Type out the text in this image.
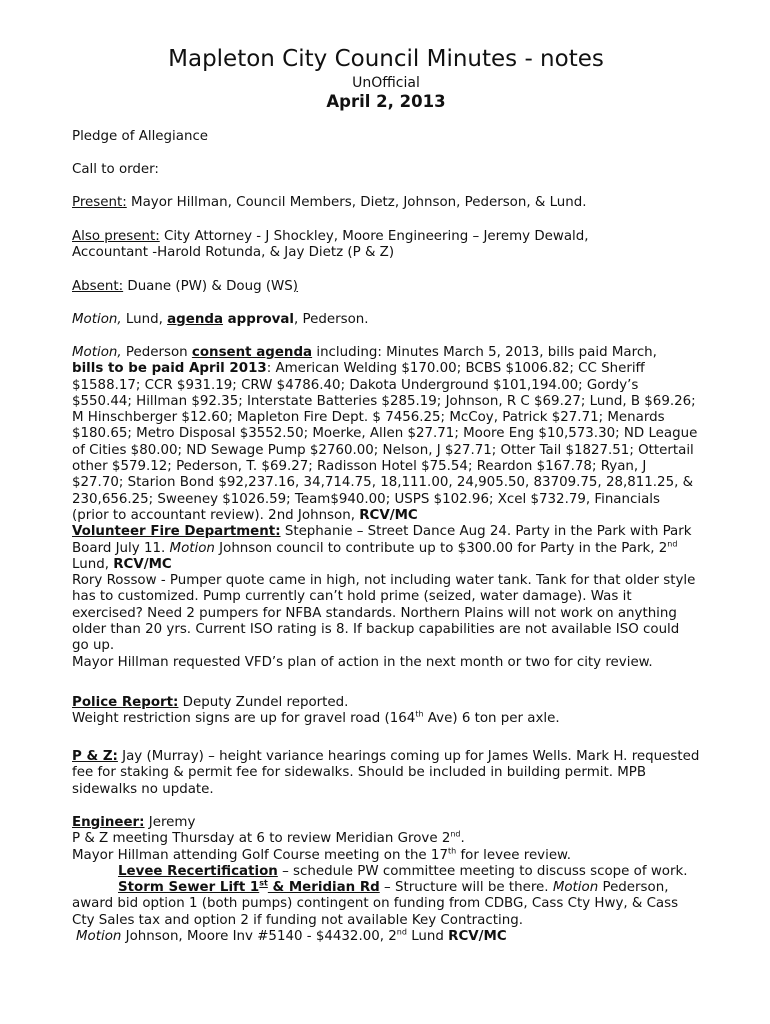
Mapleton City Council Minutes - notes
UnOfficial
April 2, 2013

Pledge of Allegiance

Call to order:

Present: Mayor Hillman, Council Members, Dietz, Johnson, Pederson, & Lund.

Also present: City Attorney - J Shockley, Moore Engineering – Jeremy Dewald,
Accountant -Harold Rotunda, & Jay Dietz (P & Z)

Absent: Duane (PW) & Doug (WS)

Motion, Lund, agenda approval, Pederson.

Motion, Pederson consent agenda including: Minutes March 5, 2013, bills paid March,
bills to be paid April 2013: American Welding $170.00; BCBS $1006.82; CC Sheriff $1588.17; CCR $931.19; CRW $4786.40; Dakota Underground $101,194.00; Gordy’s $550.44; Hillman $92.35; Interstate Batteries $285.19; Johnson, R C $69.27; Lund, B $69.26; M Hinschberger $12.60; Mapleton Fire Dept. $ 7456.25; McCoy, Patrick $27.71; Menards $180.65; Metro Disposal $3552.50; Moerke, Allen $27.71; Moore Eng $10,573.30; ND League of Cities $80.00; ND Sewage Pump $2760.00; Nelson, J $27.71; Otter Tail $1827.51; Ottertail other $579.12; Pederson, T. $69.27; Radisson Hotel $75.54; Reardon $167.78; Ryan, J $27.70; Starion Bond $92,237.16, 34,714.75, 18,111.00, 24,905.50, 83709.75, 28,811.25, & 230,656.25; Sweeney $1026.59; Team$940.00; USPS $102.96; Xcel $732.79, Financials (prior to accountant review). 2nd Johnson, RCV/MC
Volunteer Fire Department: Stephanie – Street Dance Aug 24. Party in the Park with Park Board July 11. Motion Johnson council to contribute up to $300.00 for Party in the Park, 2nd Lund, RCV/MC
Rory Rossow - Pumper quote came in high, not including water tank. Tank for that older style has to customized. Pump currently can’t hold prime (seized, water damage). Was it exercised? Need 2 pumpers for NFBA standards. Northern Plains will not work on anything older than 20 yrs. Current ISO rating is 8. If backup capabilities are not available ISO could go up.
Mayor Hillman requested VFD’s plan of action in the next month or two for city review.

Police Report: Deputy Zundel reported.
Weight restriction signs are up for gravel road (164th Ave) 6 ton per axle.

P & Z: Jay (Murray) – height variance hearings coming up for James Wells. Mark H. requested fee for staking & permit fee for sidewalks. Should be included in building permit. MPB sidewalks no update.

Engineer: Jeremy
P & Z meeting Thursday at 6 to review Meridian Grove 2nd.
Mayor Hillman attending Golf Course meeting on the 17th for levee review.
Levee Recertification – schedule PW committee meeting to discuss scope of work.
Storm Sewer Lift 1st & Meridian Rd – Structure will be there. Motion Pederson, award bid option 1 (both pumps) contingent on funding from CDBG, Cass Cty Hwy, & Cass Cty Sales tax and option 2 if funding not available Key Contracting.
Motion Johnson, Moore Inv #5140 - $4432.00, 2nd Lund RCV/MC
